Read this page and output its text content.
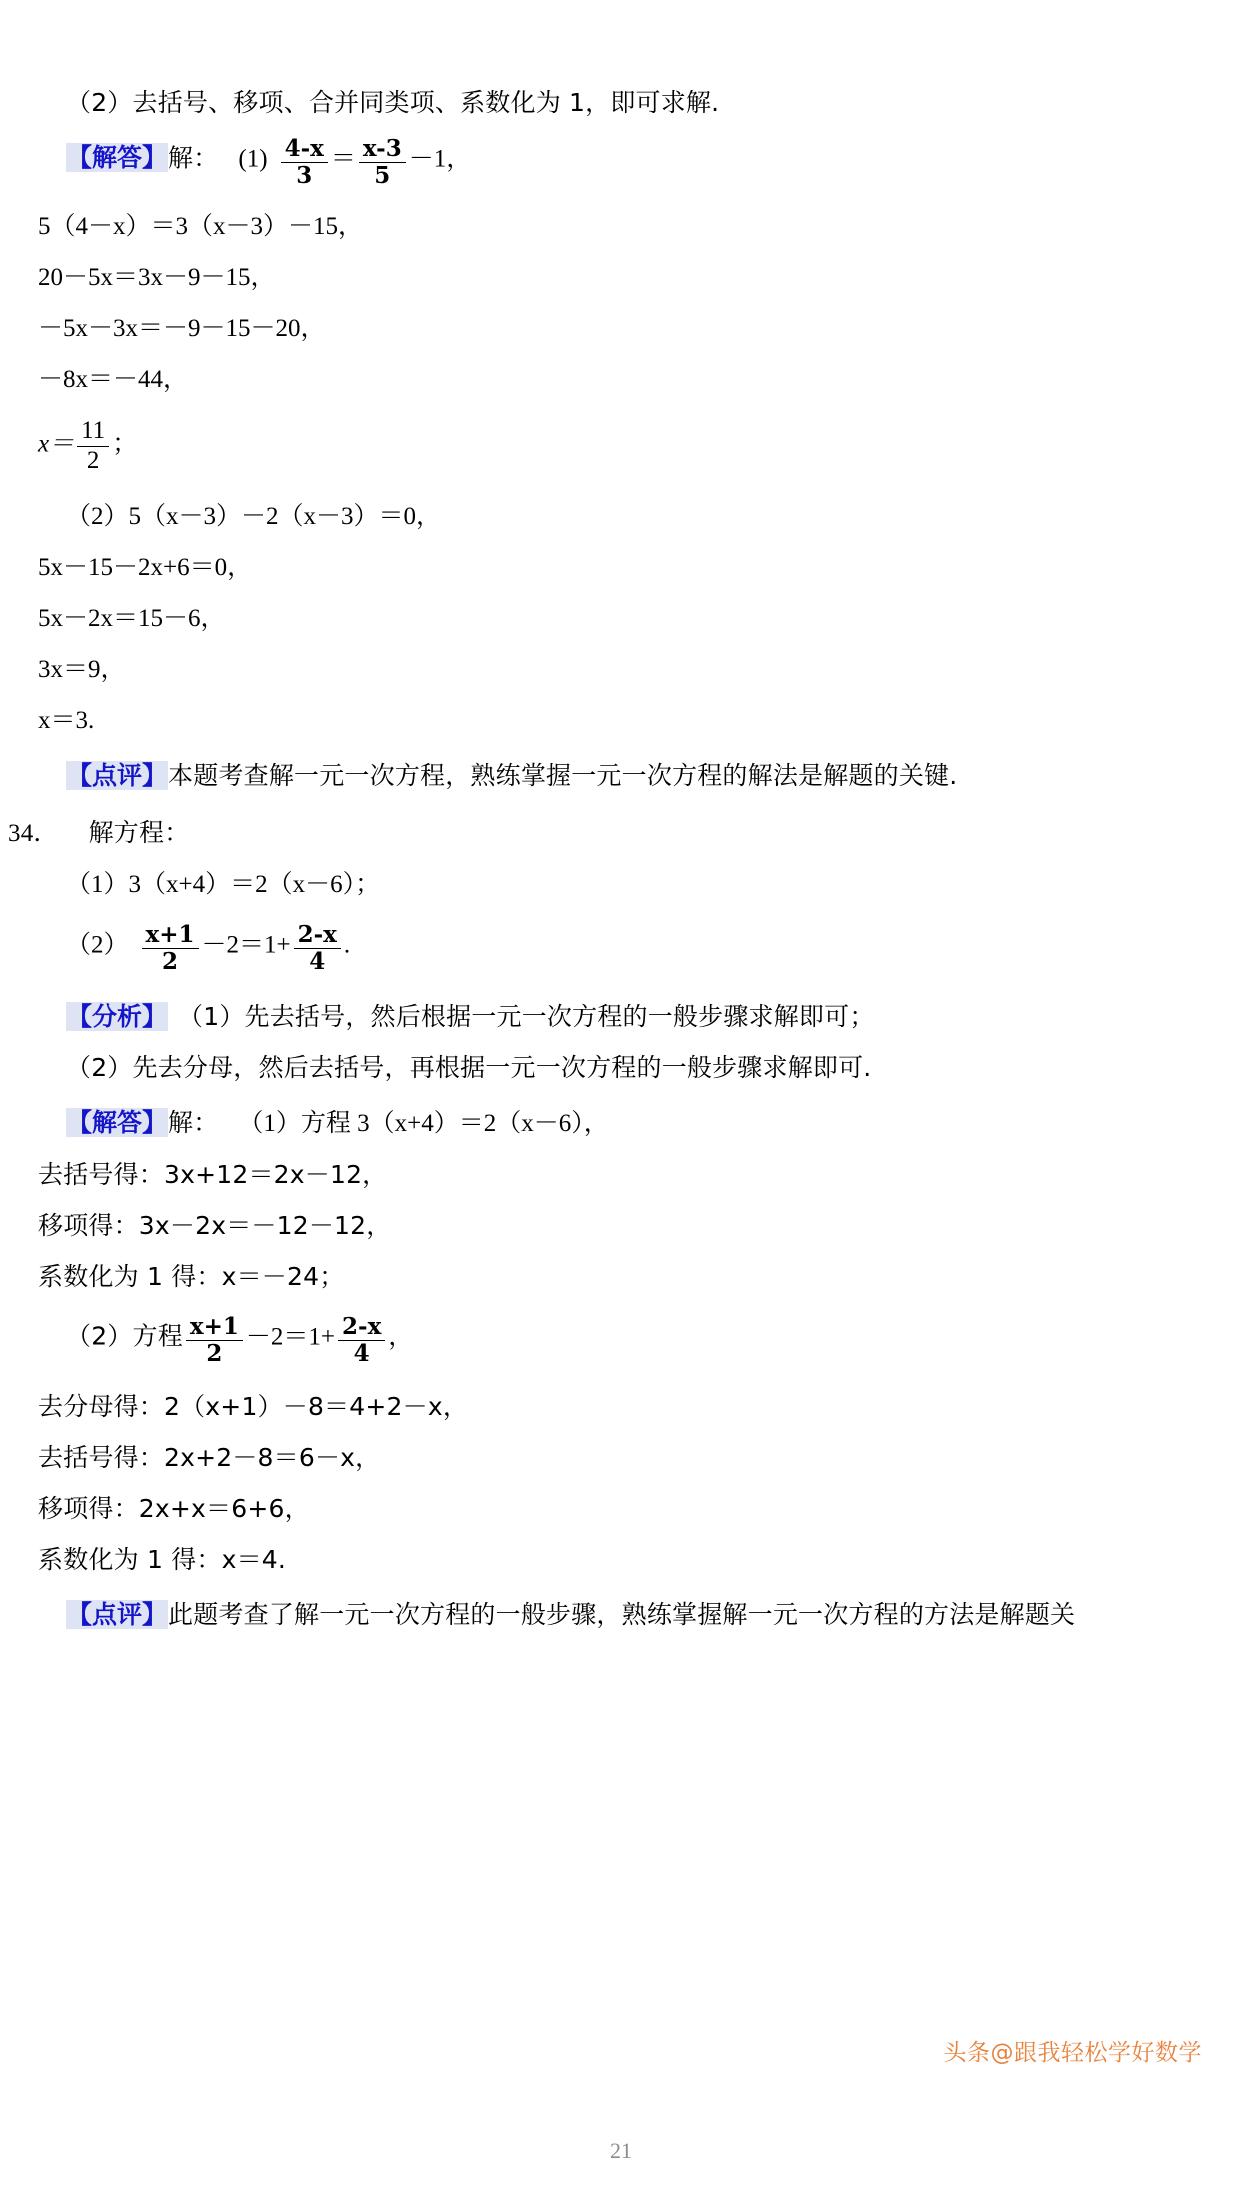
（2）去括号、移项、合并同类项、系数化为 1，即可求解.
【解答】解： $(1) \frac{4-x}{3} = \frac{x-3}{5} -1$，
5（4－x）＝3（x－3）－15，
20－5x＝3x－9－15，
－5x－3x＝－9－15－20，
－8x＝－44，
$x= \frac{11}{2}$ ；
（2）5（x－3）－2（x－3）＝0，
5x－15－2x+6＝0，
5x－2x＝15－6，
3x＝9，
x＝3.
【点评】本题考查解一元一次方程，熟练掌握一元一次方程的解法是解题的关键.
34． 解方程：
（1）3（x+4）＝2（x－6）；
$(2) \frac{x+1}{2} -2=1+ \frac{2-x}{4}$ .
【分析】 （1）先去括号，然后根据一元一次方程的一般步骤求解即可；
（2）先去分母，然后去括号，再根据一元一次方程的一般步骤求解即可.
【解答】解： （1）方程 3（x+4）＝2（x－6），
去括号得：3x+12＝2x－12，
移项得：3x－2x＝－12－12，
系数化为 1 得：x＝－24；
（2）方程 $\frac{x+1}{2} -2=1+ \frac{2-x}{4}$ ，
去分母得：2（x+1）－8＝4+2－x，
去括号得：2x+2－8＝6－x，
移项得：2x+x＝6+6，
系数化为 1 得：x＝4.
【点评】此题考查了解一元一次方程的一般步骤，熟练掌握解一元一次方程的方法是解题关
头条@跟我轻松学好数学
21
